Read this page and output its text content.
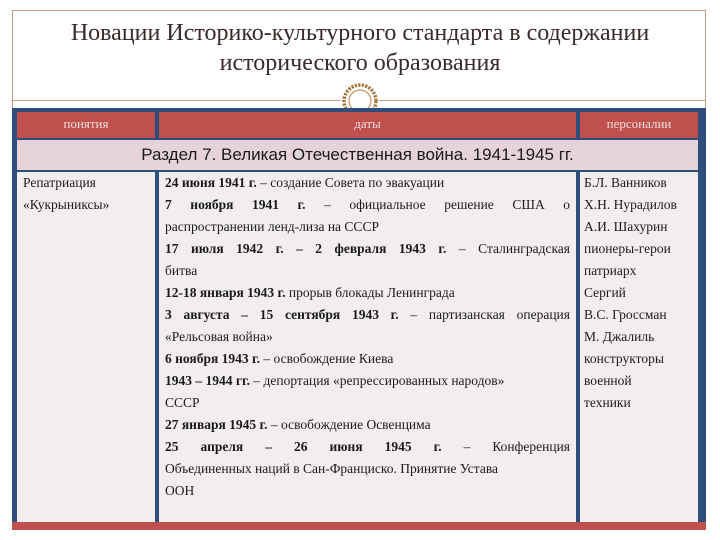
Новации Историко-культурного стандарта в содержании
исторического образования
понятия	даты	персоналии
Раздел 7. Великая Отечественная война. 1941-1945 гг.
Репатриация
«Кукрыниксы»
24 июня 1941 г. – создание Совета по эвакуации
7 ноября 1941 г. – официальное решение США о
распространении ленд-лиза на СССР
17 июля 1942 г. – 2 февраля 1943 г. – Сталинградская
битва
12-18 января 1943 г. прорыв блокады Ленинграда
3 августа – 15 сентября 1943 г. – партизанская операция
«Рельсовая война»
6 ноября 1943 г. – освобождение Киева
1943 – 1944 гг. – депортация «репрессированных народов»
СССР
27 января 1945 г. – освобождение Освенцима
25 апреля – 26 июня 1945 г. – Конференция
Объединенных наций в Сан-Франциско. Принятие Устава
ООН
Б.Л. Ванников
Х.Н. Нурадилов
А.И. Шахурин
пионеры-герои
патриарх
Сергий
В.С. Гроссман
М. Джалиль
конструкторы
военной
техники
